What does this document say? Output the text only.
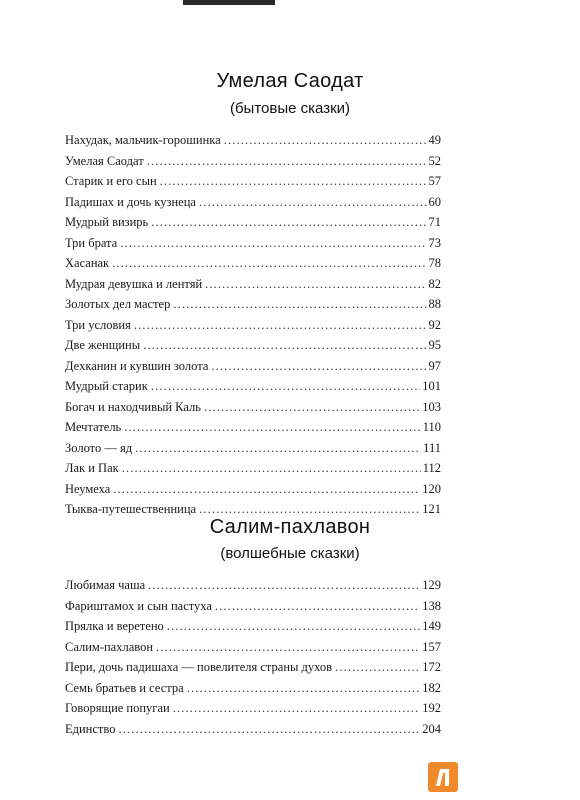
Умелая Саодат
(бытовые сказки)
Нахудак, мальчик-горошинка . . .	49
Умелая Саодат . . .	52
Старик и его сын . . .	57
Падишах и дочь кузнеца . . .	60
Мудрый визирь . . .	71
Три брата . . .	73
Хасанак . . .	78
Мудрая девушка и лентяй . . .	82
Золотых дел мастер . . .	88
Три условия . . .	92
Две женщины . . .	95
Дехканин и кувшин золота . . .	97
Мудрый старик . . .	101
Богач и находчивый Каль . . .	103
Мечтатель . . .	110
Золото — яд . . .	111
Лак и Пак . . .	112
Неумеха . . .	120
Тыква-путешественница . . .	121
Салим-пахлавон
(волшебные сказки)
Любимая чаша . . .	129
Фариштамох и сын пастуха . . .	138
Прялка и веретено . . .	149
Салим-пахлавон . . .	157
Пери, дочь падишаха — повелителя страны духов . . .	172
Семь братьев и сестра . . .	182
Говорящие попугаи . . .	192
Единство . . .	204
